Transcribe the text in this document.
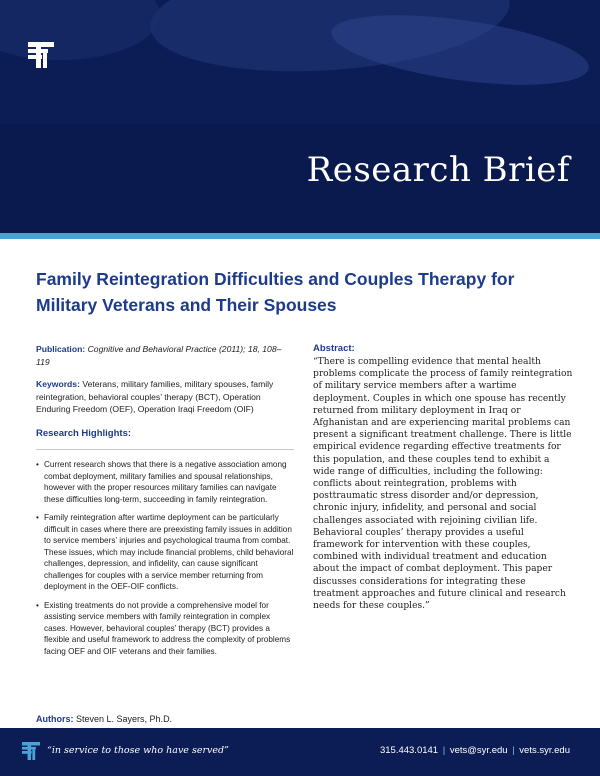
Research Brief
Family Reintegration Difficulties and Couples Therapy for Military Veterans and Their Spouses

Publication: Cognitive and Behavioral Practice (2011); 18, 108–119

Keywords: Veterans, military families, military spouses, family reintegration, behavioral couples’ therapy (BCT), Operation Enduring Freedom (OEF), Operation Iraqi Freedom (OIF)

Research Highlights:
• Current research shows that there is a negative association among combat deployment, military families and spousal relationships, however with the proper resources military families can navigate these difficulties long-term, succeeding in family reintegration.
• Family reintegration after wartime deployment can be particularly difficult in cases where there are preexisting family issues in addition to service members’ injuries and psychological trauma from combat. These issues, which may include financial problems, child behavioral challenges, depression, and infidelity, can cause significant challenges for couples with a service member returning from deployment in the OEF-OIF conflicts.
• Existing treatments do not provide a comprehensive model for assisting service members with family reintegration in complex cases. However, behavioral couples’ therapy (BCT) provides a flexible and useful framework to address the complexity of problems facing OEF and OIF veterans and their families.
Authors: Steven L. Sayers, Ph.D.
Abstract:

“There is compelling evidence that mental health problems complicate the process of family reintegration of military service members after a wartime deployment. Couples in which one spouse has recently returned from military deployment in Iraq or Afghanistan and are experiencing marital problems can present a significant treatment challenge. There is little empirical evidence regarding effective treatments for this population, and these couples tend to exhibit a wide range of difficulties, including the following: conflicts about reintegration, problems with posttraumatic stress disorder and/or depression, chronic injury, infidelity, and personal and social challenges associated with rejoining civilian life. Behavioral couples’ therapy provides a useful framework for intervention with these couples, combined with individual treatment and education about the impact of combat deployment. This paper discusses considerations for integrating these treatment approaches and future clinical and research needs for these couples.”

“in service to those who have served”	315.443.0141 | vets@syr.edu | vets.syr.edu
